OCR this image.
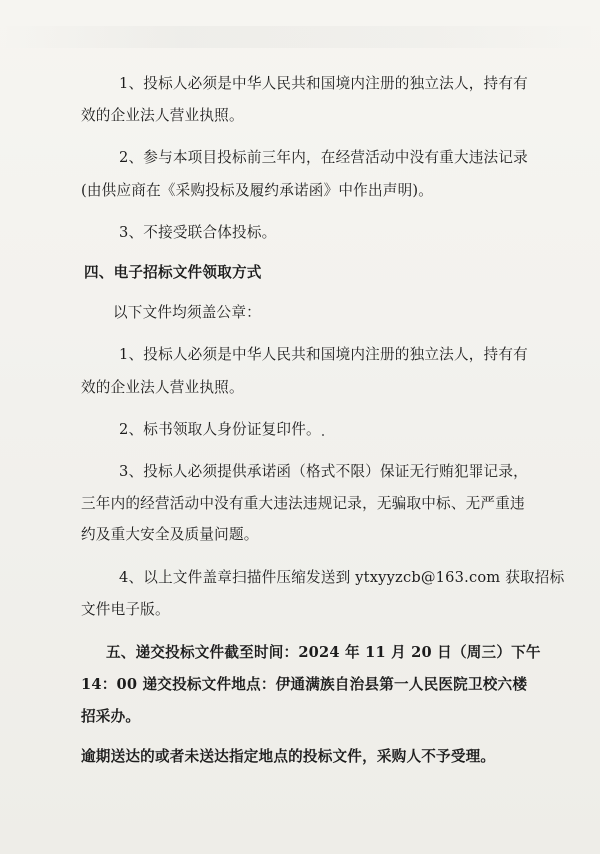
1、投标人必须是中华人民共和国境内注册的独立法人，持有有
效的企业法人营业执照。
2、参与本项目投标前三年内，在经营活动中没有重大违法记录
(由供应商在《采购投标及履约承诺函》中作出声明)。
3、不接受联合体投标。
四、电子招标文件领取方式
以下文件均须盖公章：
1、投标人必须是中华人民共和国境内注册的独立法人，持有有
效的企业法人营业执照。
2、标书领取人身份证复印件。
3、投标人必须提供承诺函（格式不限）保证无行贿犯罪记录，
三年内的经营活动中没有重大违法违规记录，无骗取中标、无严重违
约及重大安全及质量问题。
4、以上文件盖章扫描件压缩发送到 ytxyyzcb@163.com 获取招标
文件电子版。
五、递交投标文件截至时间：2024 年 11 月 20 日（周三）下午
14：00 递交投标文件地点：伊通满族自治县第一人民医院卫校六楼
招采办。
逾期送达的或者未送达指定地点的投标文件，采购人不予受理。
